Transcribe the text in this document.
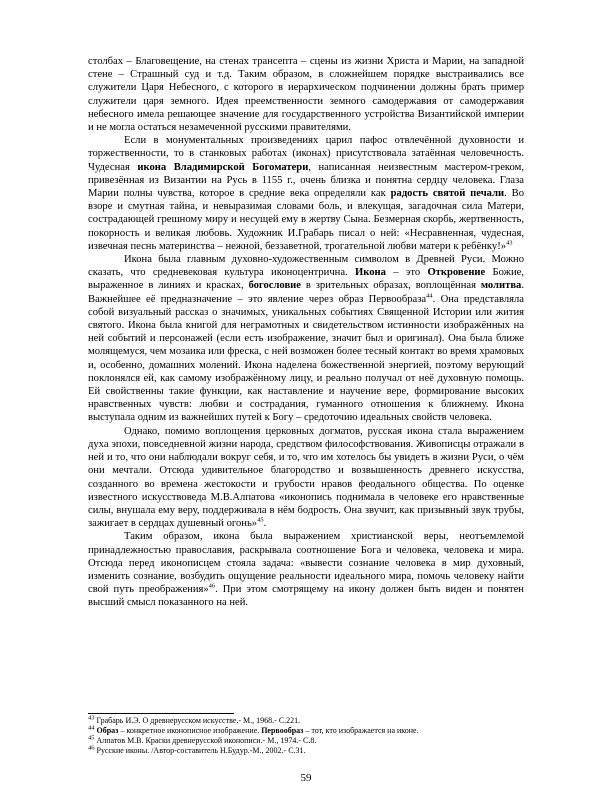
столбах – Благовещение, на стенах трансепта – сцены из жизни Христа и Марии, на западной стене – Страшный суд и т.д. Таким образом, в сложнейшем порядке выстраивались все служители Царя Небесного, с которого в иерархическом подчинении должны брать пример служители царя земного. Идея преемственности земного самодержавия от самодержавия небесного имела решающее значение для государственного устройства Византийской империи и не могла остаться незамеченной русскими правителями.

Если в монументальных произведениях царил пафос отвлечённой духовности и торжественности, то в станковых работах (иконах) присутствовала затаённая человечность. Чудесная икона Владимирской Богоматери, написанная неизвестным мастером-греком, привезённая из Византии на Русь в 1155 г., очень близка и понятна сердцу человека. Глаза Марии полны чувства, которое в средние века определяли как радость святой печали. Во взоре и смутная тайна, и невыразимая словами боль, и влекущая, загадочная сила Матери, сострадающей грешному миру и несущей ему в жертву Сына. Безмерная скорбь, жертвенность, покорность и великая любовь. Художник И.Грабарь писал о ней: «Несравненная, чудесная, извечная песнь материнства – нежной, беззаветной, трогательной любви матери к ребёнку!»$^{43}$

Икона была главным духовно-художественным символом в Древней Руси. Можно сказать, что средневековая культура иконоцентрична. Икона – это Откровение Божие, выраженное в линиях и красках, богословие в зрительных образах, воплощённая молитва. Важнейшее её предназначение – это явление через образ Первообраза$^{44}$. Она представляла собой визуальный рассказ о значимых, уникальных событиях Священной Истории или жития святого. Икона была книгой для неграмотных и свидетельством истинности изображённых на ней событий и персонажей (если есть изображение, значит был и оригинал). Она была ближе молящемуся, чем мозаика или фреска, с ней возможен более тесный контакт во время храмовых и, особенно, домашних молений. Икона наделена божественной энергией, поэтому верующий поклонялся ей, как самому изображённому лицу, и реально получал от неё духовную помощь. Ей свойственны такие функции, как наставление и научение вере, формирование высоких нравственных чувств: любви и сострадания, гуманного отношения к ближнему. Икона выступала одним из важнейших путей к Богу – средоточию идеальных свойств человека.

Однако, помимо воплощения церковных догматов, русская икона стала выражением духа эпохи, повседневной жизни народа, средством философствования. Живописцы отражали в ней и то, что они наблюдали вокруг себя, и то, что им хотелось бы увидеть в жизни Руси, о чём они мечтали. Отсюда удивительное благородство и возвышенность древнего искусства, созданного во времена жестокости и грубости нравов феодального общества. По оценке известного искусствоведа М.В.Алпатова «иконопись поднимала в человеке его нравственные силы, внушала ему веру, поддерживала в нём бодрость. Она звучит, как призывный звук трубы, зажигает в сердцах душевный огонь»$^{45}$.

Таким образом, икона была выражением христианской веры, неотъемлемой принадлежностью православия, раскрывала соотношение Бога и человека, человека и мира. Отсюда перед иконописцем стояла задача: «вывести сознание человека в мир духовный, изменить сознание, возбудить ощущение реальности идеального мира, помочь человеку найти свой путь преображения»$^{46}$. При этом смотрящему на икону должен быть виден и понятен высший смысл показанного на ней.

$^{43}$ Грабарь И.Э. О древнерусском искусстве.- М., 1968.- С.221.
$^{44}$ Образ – конкретное иконописное изображение. Первообраз – тот, кто изображается на иконе.
$^{45}$ Алпатов М.В. Краски древнерусской иконописи.- М., 1974.- С.8.
$^{46}$ Русские иконы. /Автор-составитель Н.Будур.-М., 2002.- С.31.
59
